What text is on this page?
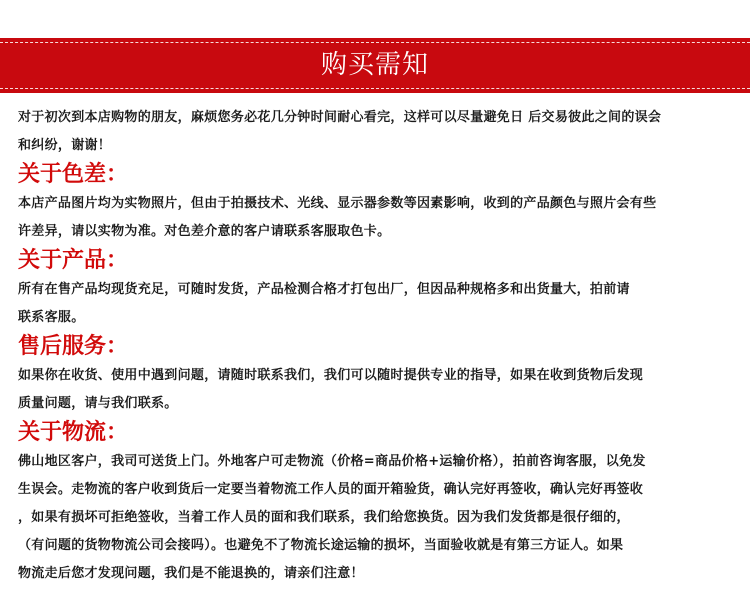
购买需知

对于初次到本店购物的朋友，麻烦您务必花几分钟时间耐心看完，这样可以尽量避免日 后交易彼此之间的误会

和纠纷，谢谢！

关于色差：

本店产品图片均为实物照片，但由于拍摄技术、光线、显示器参数等因素影响，收到的产品颜色与照片会有些

许差异，请以实物为准。对色差介意的客户请联系客服取色卡。

关于产品：

所有在售产品均现货充足，可随时发货，产品检测合格才打包出厂，但因品种规格多和出货量大，拍前请

联系客服。

售后服务：

如果你在收货、使用中遇到问题，请随时联系我们，我们可以随时提供专业的指导，如果在收到货物后发现

质量问题，请与我们联系。

关于物流：

佛山地区客户，我司可送货上门。外地客户可走物流（价格=商品价格+运输价格），拍前咨询客服，以免发

生误会。走物流的客户收到货后一定要当着物流工作人员的面开箱验货，确认完好再签收，确认完好再签收

，如果有损坏可拒绝签收，当着工作人员的面和我们联系，我们给您换货。因为我们发货都是很仔细的，

（有问题的货物物流公司会接吗）。也避免不了物流长途运输的损坏，当面验收就是有第三方证人。如果

物流走后您才发现问题，我们是不能退换的，请亲们注意！
